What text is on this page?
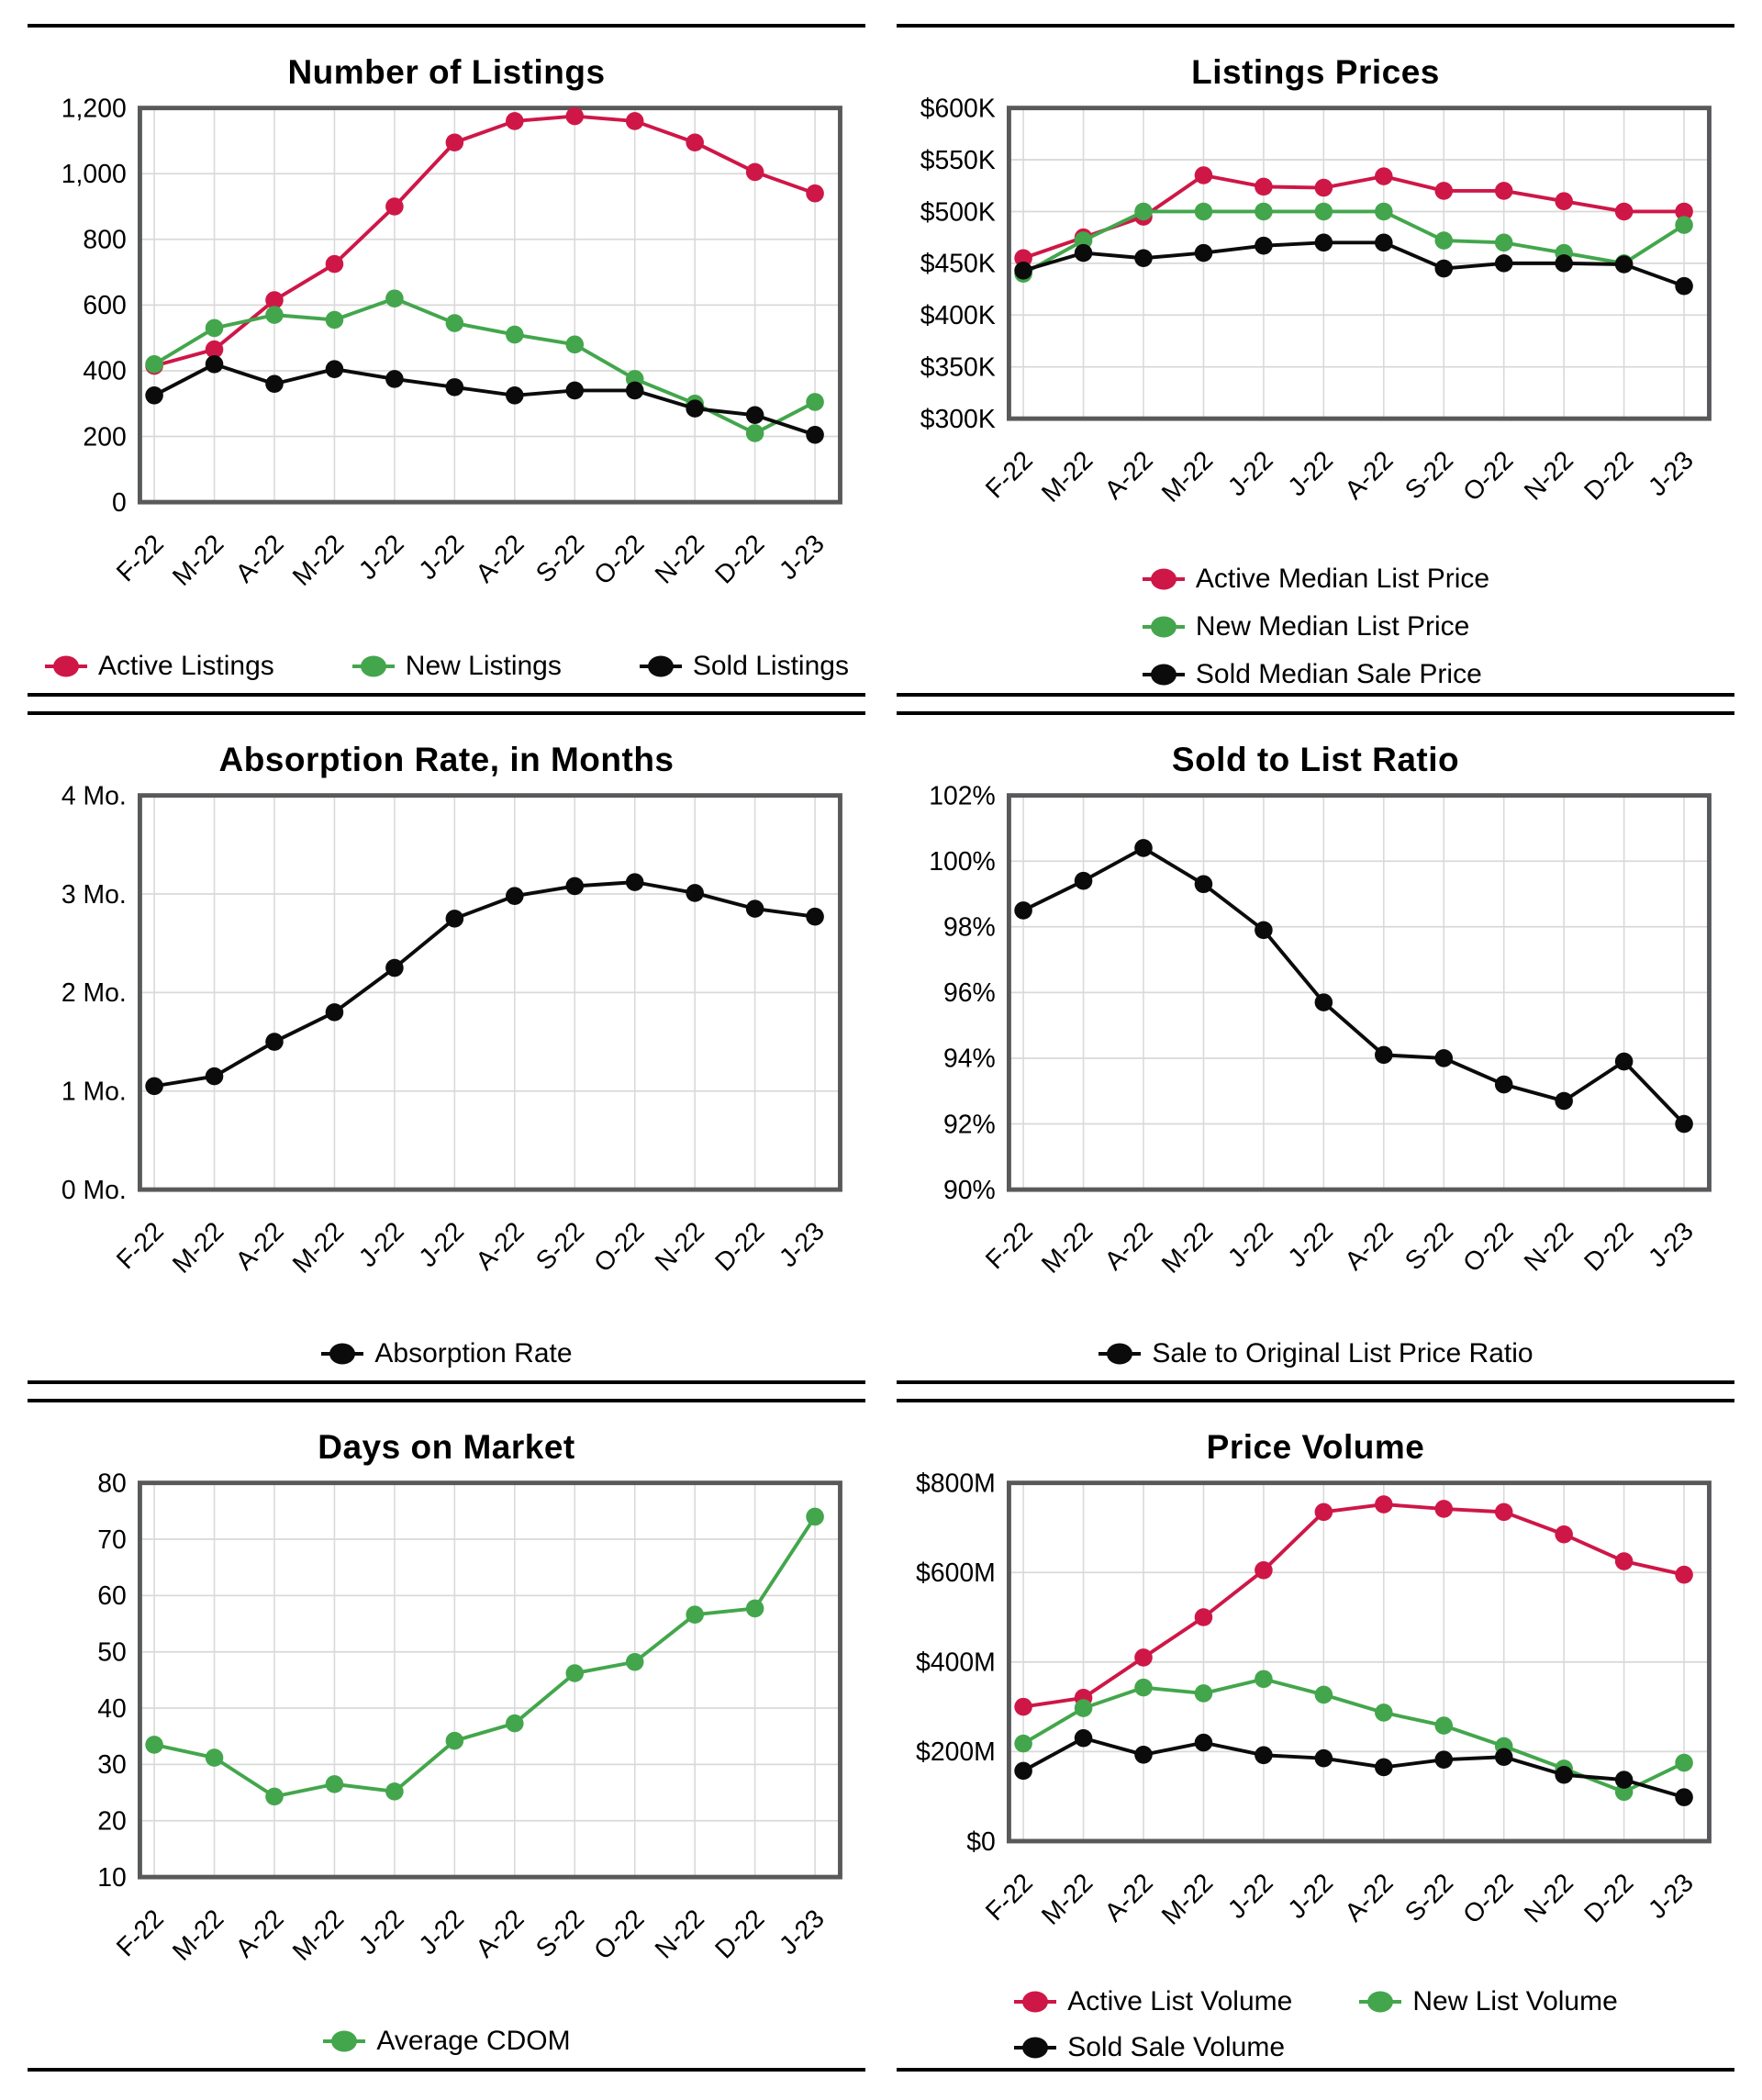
Number of Listings
0
200
400
600
800
1,000
1,200
F-22
M-22 A-22
M-22 J-22 J-22 A-22 S-22
O-22 N-22 D-22 J-23
Active Listings	New Listings	Sold Listings
Listings Prices
$300K
$350K
$400K
$450K
$500K
$550K
$600K
F-22
M-22 A-22
M-22 J-22 J-22 A-22 S-22
O-22 N-22 D-22 J-23
Active Median List Price
New Median List Price
Sold Median Sale Price
Absorption Rate, in Months
0 Mo.
1 Mo.
2 Mo.
3 Mo.
4 Mo.
F-22
M-22 A-22
M-22 J-22 J-22 A-22 S-22
O-22 N-22 D-22 J-23
Absorption Rate
Sold to List Ratio
90%
92%
94%
96%
98%
100%
102%
F-22
M-22 A-22
M-22 J-22 J-22 A-22 S-22
O-22 N-22 D-22 J-23
Sale to Original List Price Ratio
Days on Market
10
20
30
40
50
60
70
80
F-22
M-22 A-22
M-22 J-22 J-22 A-22 S-22
O-22 N-22 D-22 J-23
Average CDOM
Price Volume
$0
$200M
$400M
$600M
$800M
F-22
M-22 A-22
M-22 J-22 J-22 A-22 S-22
O-22 N-22 D-22 J-23
Active List Volume	New List Volume
Sold Sale Volume
